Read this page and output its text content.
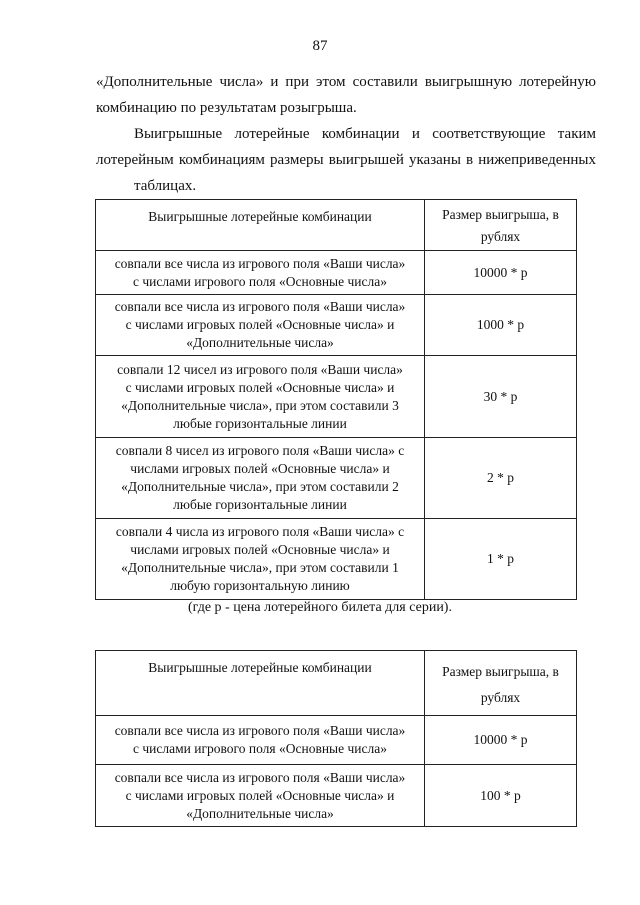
87
«Дополнительные числа» и при этом составили выигрышную лотерейную
комбинацию по результатам розыгрыша.
Выигрышные лотерейные комбинации и соответствующие таким лотерейным комбинациям размеры выигрышей указаны в нижеприведенных
таблицах.
Выигрышные лотерейные комбинации	Размер выигрыша, в
рублях

совпали все числа из игрового поля «Ваши числа»
с числами игрового поля «Основные числа»	10000 * р

совпали все числа из игрового поля «Ваши числа»
с числами игровых полей «Основные числа» и
«Дополнительные числа»	1000 * р

совпали 12 чисел из игрового поля «Ваши числа»
с числами игровых полей «Основные числа» и
«Дополнительные числа», при этом составили 3
любые горизонтальные линии	30 * р

совпали 8 чисел из игрового поля «Ваши числа» с
числами игровых полей «Основные числа» и
«Дополнительные числа», при этом составили 2
любые горизонтальные линии	2 * р

совпали 4 числа из игрового поля «Ваши числа» с
числами игровых полей «Основные числа» и
«Дополнительные числа», при этом составили 1
любую горизонтальную линию	1 * р
(где р - цена лотерейного билета для серии).
Выигрышные лотерейные комбинации	Размер выигрыша, в
рублях

совпали все числа из игрового поля «Ваши числа»
с числами игрового поля «Основные числа»	10000 * р

совпали все числа из игрового поля «Ваши числа»
с числами игровых полей «Основные числа» и
«Дополнительные числа»	100 * р
